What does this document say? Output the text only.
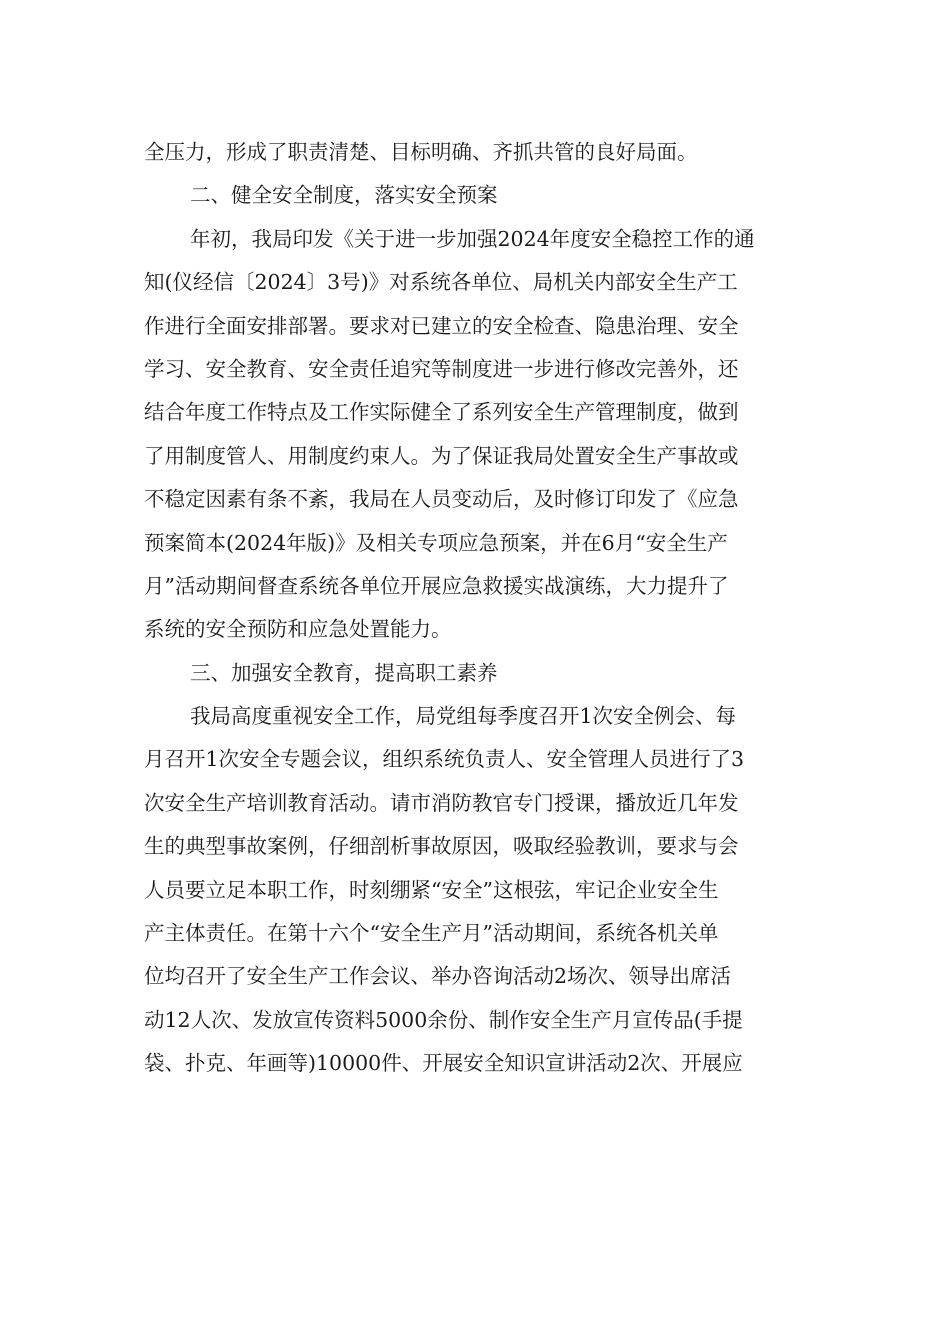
全压力，形成了职责清楚、目标明确、齐抓共管的良好局面。
二、健全安全制度，落实安全预案
年初，我局印发《关于进一步加强2024年度安全稳控工作的通
知(仪经信〔2024〕3号)》对系统各单位、局机关内部安全生产工
作进行全面安排部署。要求对已建立的安全检查、隐患治理、安全
学习、安全教育、安全责任追究等制度进一步进行修改完善外，还
结合年度工作特点及工作实际健全了系列安全生产管理制度，做到
了用制度管人、用制度约束人。为了保证我局处置安全生产事故或
不稳定因素有条不紊，我局在人员变动后，及时修订印发了《应急
预案简本(2024年版)》及相关专项应急预案，并在6月“安全生产
月”活动期间督查系统各单位开展应急救援实战演练，大力提升了
系统的安全预防和应急处置能力。
三、加强安全教育，提高职工素养
我局高度重视安全工作，局党组每季度召开1次安全例会、每
月召开1次安全专题会议，组织系统负责人、安全管理人员进行了3
次安全生产培训教育活动。请市消防教官专门授课，播放近几年发
生的典型事故案例，仔细剖析事故原因，吸取经验教训，要求与会
人员要立足本职工作，时刻绷紧“安全”这根弦，牢记企业安全生
产主体责任。在第十六个“安全生产月”活动期间，系统各机关单
位均召开了安全生产工作会议、举办咨询活动2场次、领导出席活
动12人次、发放宣传资料5000余份、制作安全生产月宣传品(手提
袋、扑克、年画等)10000件、开展安全知识宣讲活动2次、开展应
